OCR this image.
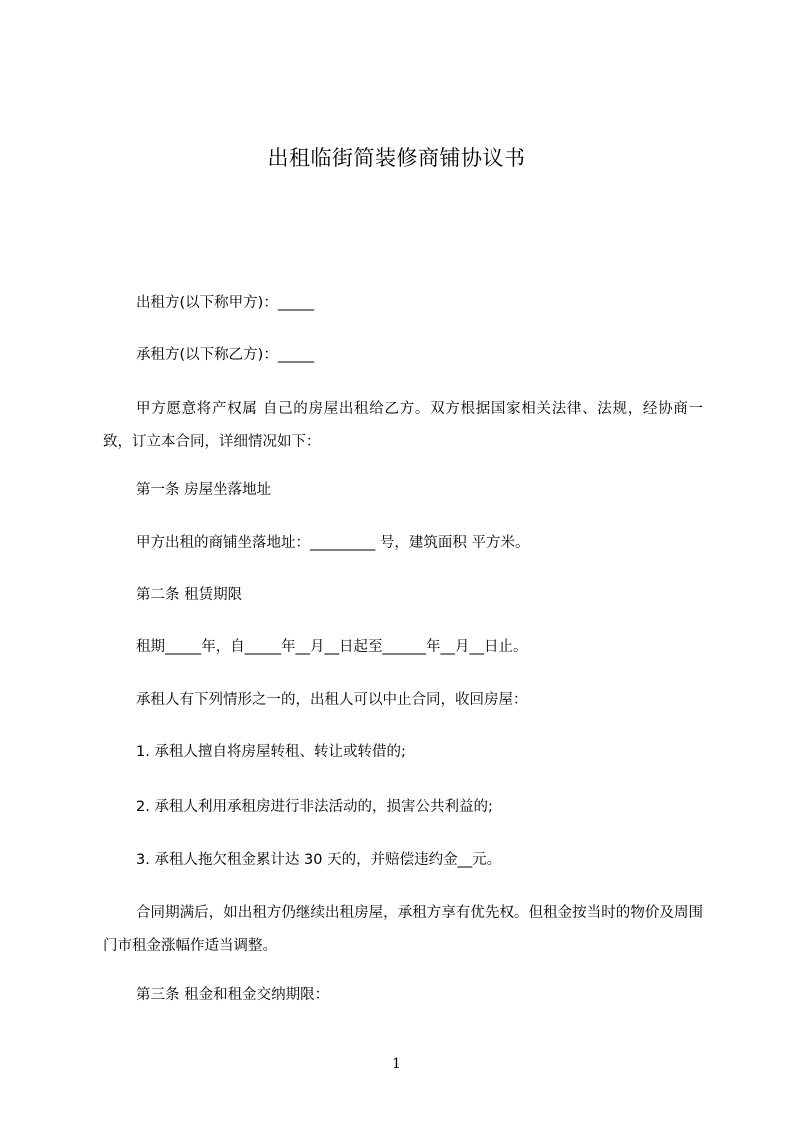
出租临街简装修商铺协议书
出租方(以下称甲方)：_____
承租方(以下称乙方)：_____
甲方愿意将产权属 自己的房屋出租给乙方。双方根据国家相关法律、法规，经协商一致，订立本合同，详细情况如下：
第一条 房屋坐落地址
甲方出租的商铺坐落地址：_________ 号，建筑面积 平方米。
第二条 租赁期限
租期_____年，自_____年__月__日起至______年__月__日止。
承租人有下列情形之一的，出租人可以中止合同，收回房屋：
1. 承租人擅自将房屋转租、转让或转借的;
2. 承租人利用承租房进行非法活动的，损害公共利益的;
3. 承租人拖欠租金累计达 30 天的，并赔偿违约金__元。
合同期满后，如出租方仍继续出租房屋，承租方享有优先权。但租金按当时的物价及周围门市租金涨幅作适当调整。
第三条 租金和租金交纳期限：
1
